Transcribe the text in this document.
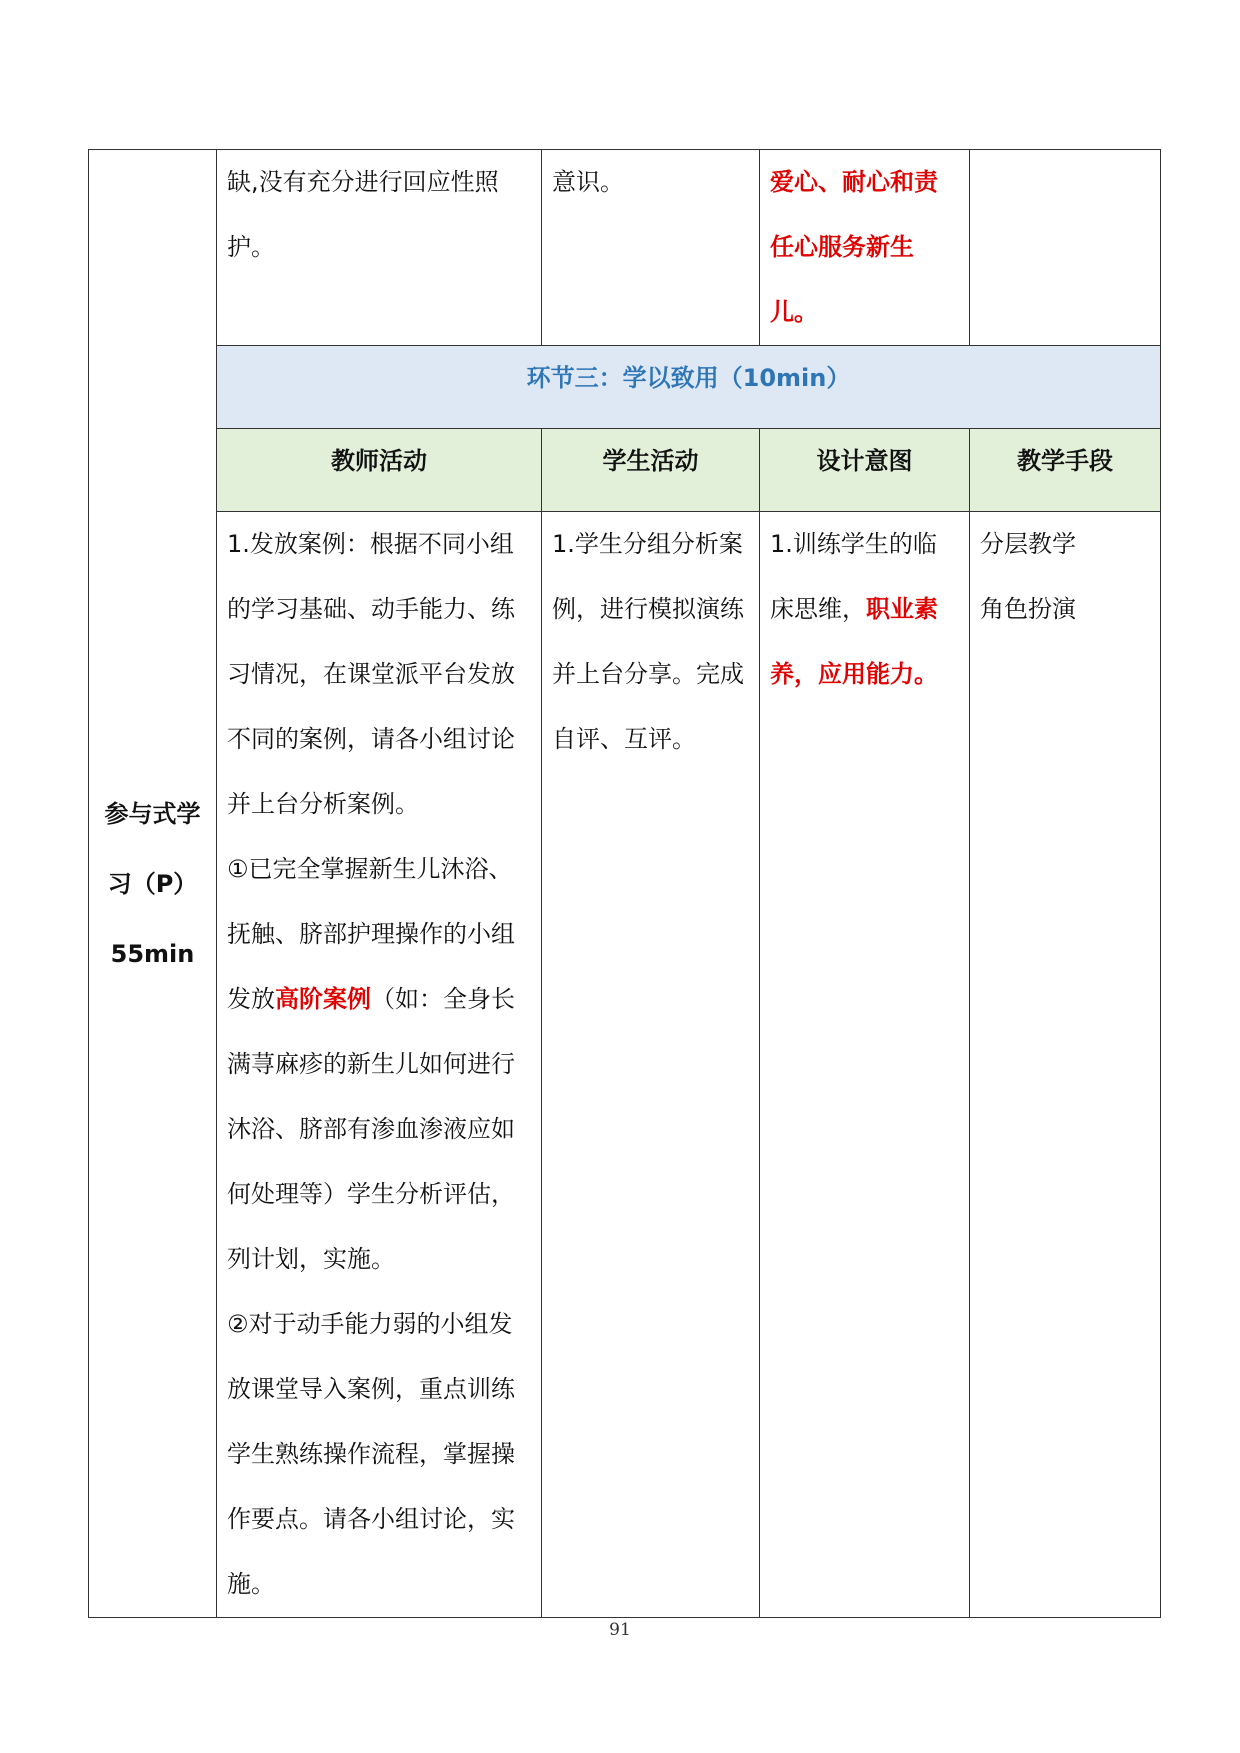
参与式学
习（P）
55min	缺,没有充分进行回应性照护。	意识。	爱心、耐心和责任心服务新生儿。	
	环节三：学以致用（10min）			
	教师活动	学生活动	设计意图	教学手段

	1.发放案例：根据不同小组的学习基础、动手能力、练习情况，在课堂派平台发放不同的案例，请各小组讨论并上台分析案例。
①已完全掌握新生儿沐浴、抚触、脐部护理操作的小组发放高阶案例（如：全身长满荨麻疹的新生儿如何进行沐浴、脐部有渗血渗液应如何处理等）学生分析评估，列计划，实施。
②对于动手能力弱的小组发放课堂导入案例，重点训练学生熟练操作流程，掌握操作要点。请各小组讨论，实施。	1.学生分组分析案例，进行模拟演练并上台分享。完成自评、互评。	1.训练学生的临床思维，职业素养，应用能力。	分层教学
角色扮演
91
